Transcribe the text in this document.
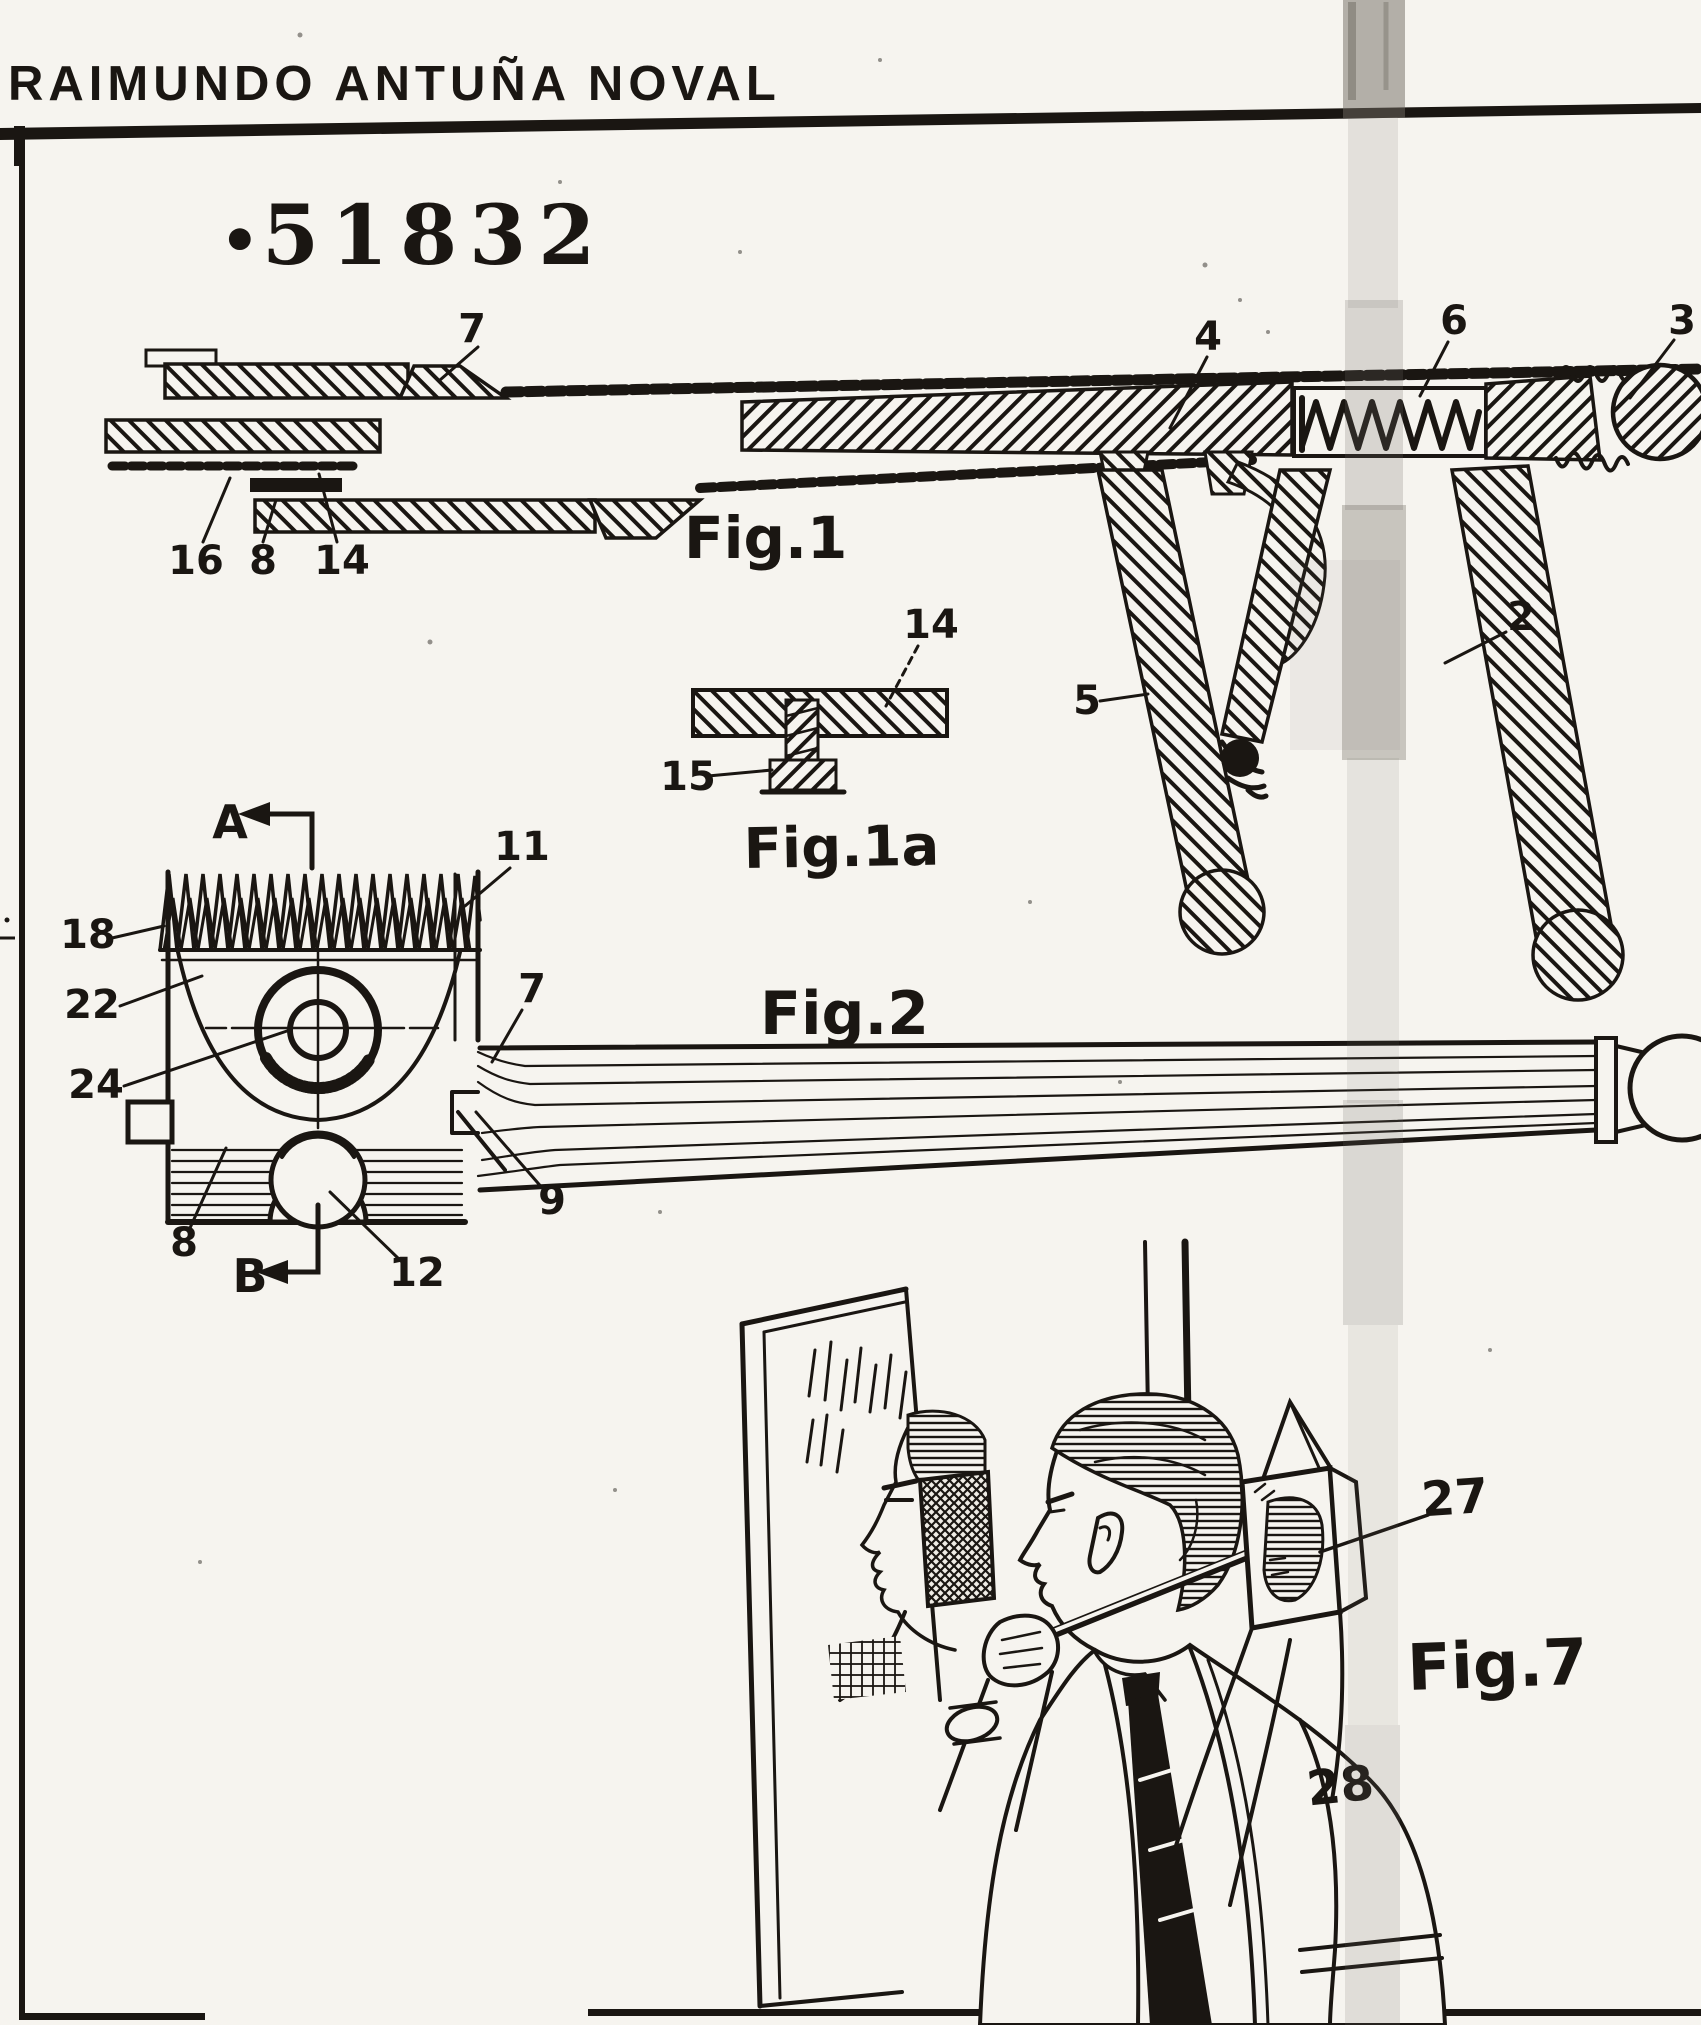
RAIMUNDO ANTUÑA NOVAL
•
51832
7	4	6	3
16 8 14
5
2
Fig.1
14
15
Fig.1a
A	11
18
22
24
7
9
8
B	12
Fig.2
27
28
Fig.7
